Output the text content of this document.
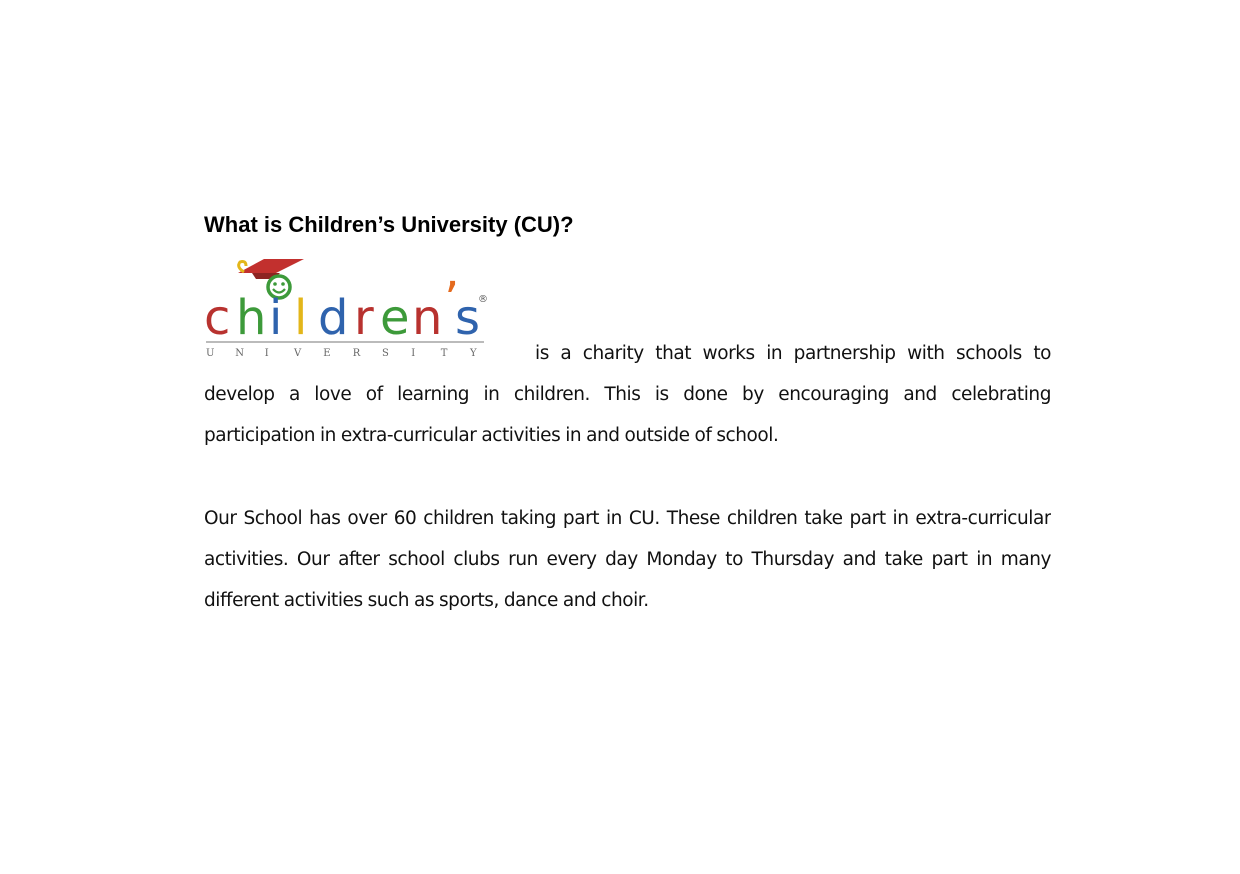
What is Children’s University (CU)?
c h i l d r e n ’
s
®
U N I	V E R S I	T Y	is a charity that works in partnership with schools to
develop a love of learning in children. This is done by encouraging and celebrating
participation in extra-curricular activities in and outside of school.
Our School has over 60 children taking part in CU. These children take part in extra-curricular
activities. Our after school clubs run every day Monday to Thursday and take part in many
different activities such as sports, dance and choir.
